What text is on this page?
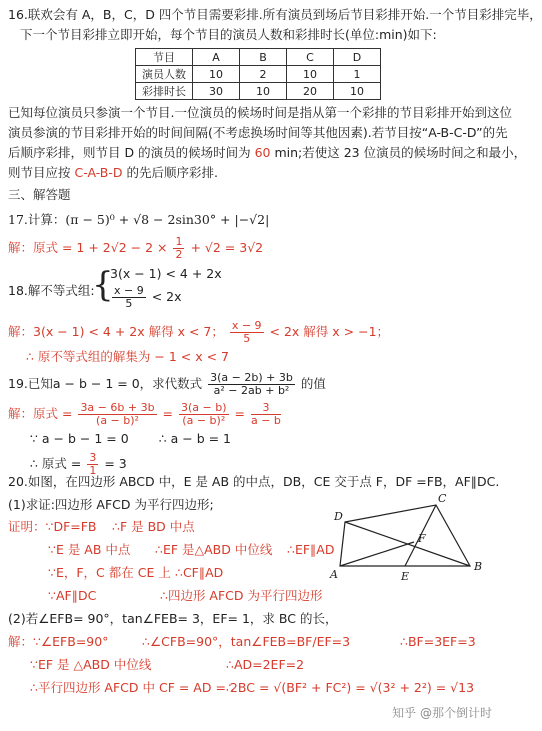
16.联欢会有 A，B，C，D 四个节目需要彩排.所有演员到场后节目彩排开始.一个节目彩排完毕，
下一个节目彩排立即开始，每个节目的演员人数和彩排时长(单位:min)如下:
节目	A	B	C	D
演员人数	10	2	10	1
彩排时长	30	10	20	10
已知每位演员只参演一个节目.一位演员的候场时间是指从第一个彩排的节目彩排开始到这位
演员参演的节目彩排开始的时间间隔(不考虑换场时间等其他因素).若节目按“A-B-C-D”的先
后顺序彩排，则节目 D 的演员的候场时间为 60 min;若使这 23 位演员的候场时间之和最小，
则节目应按 C-A-B-D 的先后顺序彩排.
三、解答题
17.计算：(π − 5)⁰ + √8 − 2sin30° + |−√2|
解：原式 = $1 + 2√2 - 2 \times \frac{1}{2} + √2 = 3√2$
18.解不等式组:
{
3(x − 1) < 4 + 2x
$\frac{x - 9}{5} < 2x$
解：3(x − 1) < 4 + 2x 解得 x < 7； $\frac{x - 9}{5} < 2x$ 解得 x > −1；
∴ 原不等式组的解集为 − 1 < x < 7
19.已知a − b − 1 = 0，求代数式 $\frac{3(a - 2b) + 3b}{\text{a² − 2ab + b²}}$ 的值
解：原式 = $\frac{3a - 6b + 3b}{\text{(a − b)²}} = \frac{3(a - b)}{\text{(a − b)²}} = \frac{3}{a - b}$
∵ a − b − 1 = 0 ∴ a − b = 1
∴ 原式 = $\frac{3}{1} = 3$
20.如图，在四边形 ABCD 中，E 是 AB 的中点，DB，CE 交于点 F，DF =FB，AF∥DC.
(1)求证:四边形 AFCD 为平行四边形;
证明：∵DF=FB ∴F 是 BD 中点
∵E 是 AB 中点 ∴EF 是△ABD 中位线 ∴EF∥AD
∵E，F，C 都在 CE 上 ∴CF∥AD
∵AF∥DC	∴四边形 AFCD 为平行四边形
(2)若∠EFB= 90°，tan∠FEB= 3，EF= 1，求 BC 的长，
解：∵∠EFB=90°	∴∠CFB=90°，tan∠FEB=BF/EF=3	∴BF=3EF=3
∵EF 是 △ABD 中位线	∴AD=2EF=2
∴平行四边形 AFCD 中 CF = AD = 2
∴ BC = √(BF² + FC²) = √(3² + 2²) = √13
D
C
B
A	E
F
知乎 @那个倒计时
